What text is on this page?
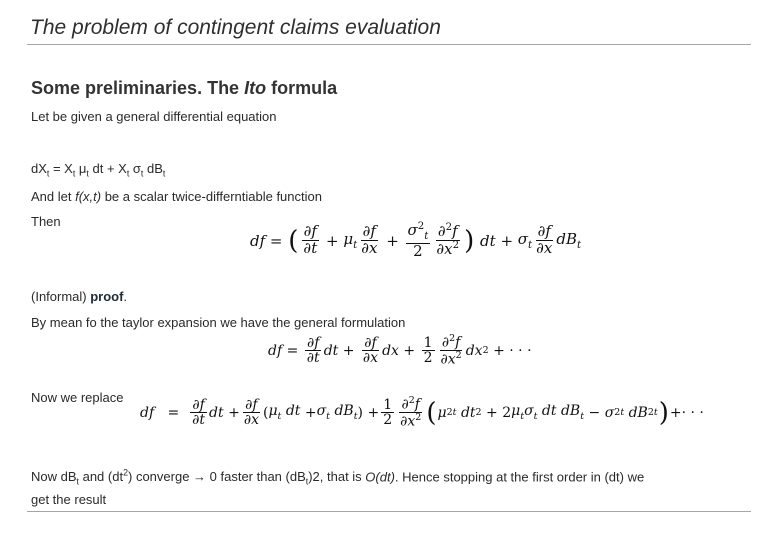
The problem of contingent claims evaluation
Some preliminaries. The Ito formula
Let be given a general differential equation
$dX_t = X_t$ $\mu_t$ dt + $X_t$ $\sigma_t$ $dB_t$
And let f(x,t) be a scalar twice-differntiable function
Then
df = ( $\frac{\partial f}{\partial t} + \mu_t \frac{\partial f}{\partial x} + \frac{\sigma^2_t}{2} \frac{\partial^2f}{\partial x^2}$ )
dt + $\sigma_t \frac{\partial f}{\partial x} dB_t$
(Informal) proof.
By mean fo the taylor expansion we have the general formulation
df = $\frac{\partial f}{\partial t}$ dt + $\frac{\partial f}{\partial x}$ dx + $\frac{1}{2} \frac{\partial^2f}{\partial x^2}$ dx 2 + · · ·
Now we replace
df = $\frac{\partial f}{\partial t}$ dt + $\frac{\partial f}{\partial x}$ ( $\mu_t$ dt + $\sigma_t$ $dB_t$ ) + $\frac{1}{2} \frac{\partial^2f}{\partial x^2}$ ( μ 2 t
dt 2 + 2 $\mu_t\sigma_t$ dt $dB_t - \sigma$ 2 t
dB 2 t ) +· · ·
Now $dB_t$ and $(dt^2)$ converge → 0 faster than $(dB_t)2$, that is O(dt). Hence stopping at the first order in (dt) we
get the result
